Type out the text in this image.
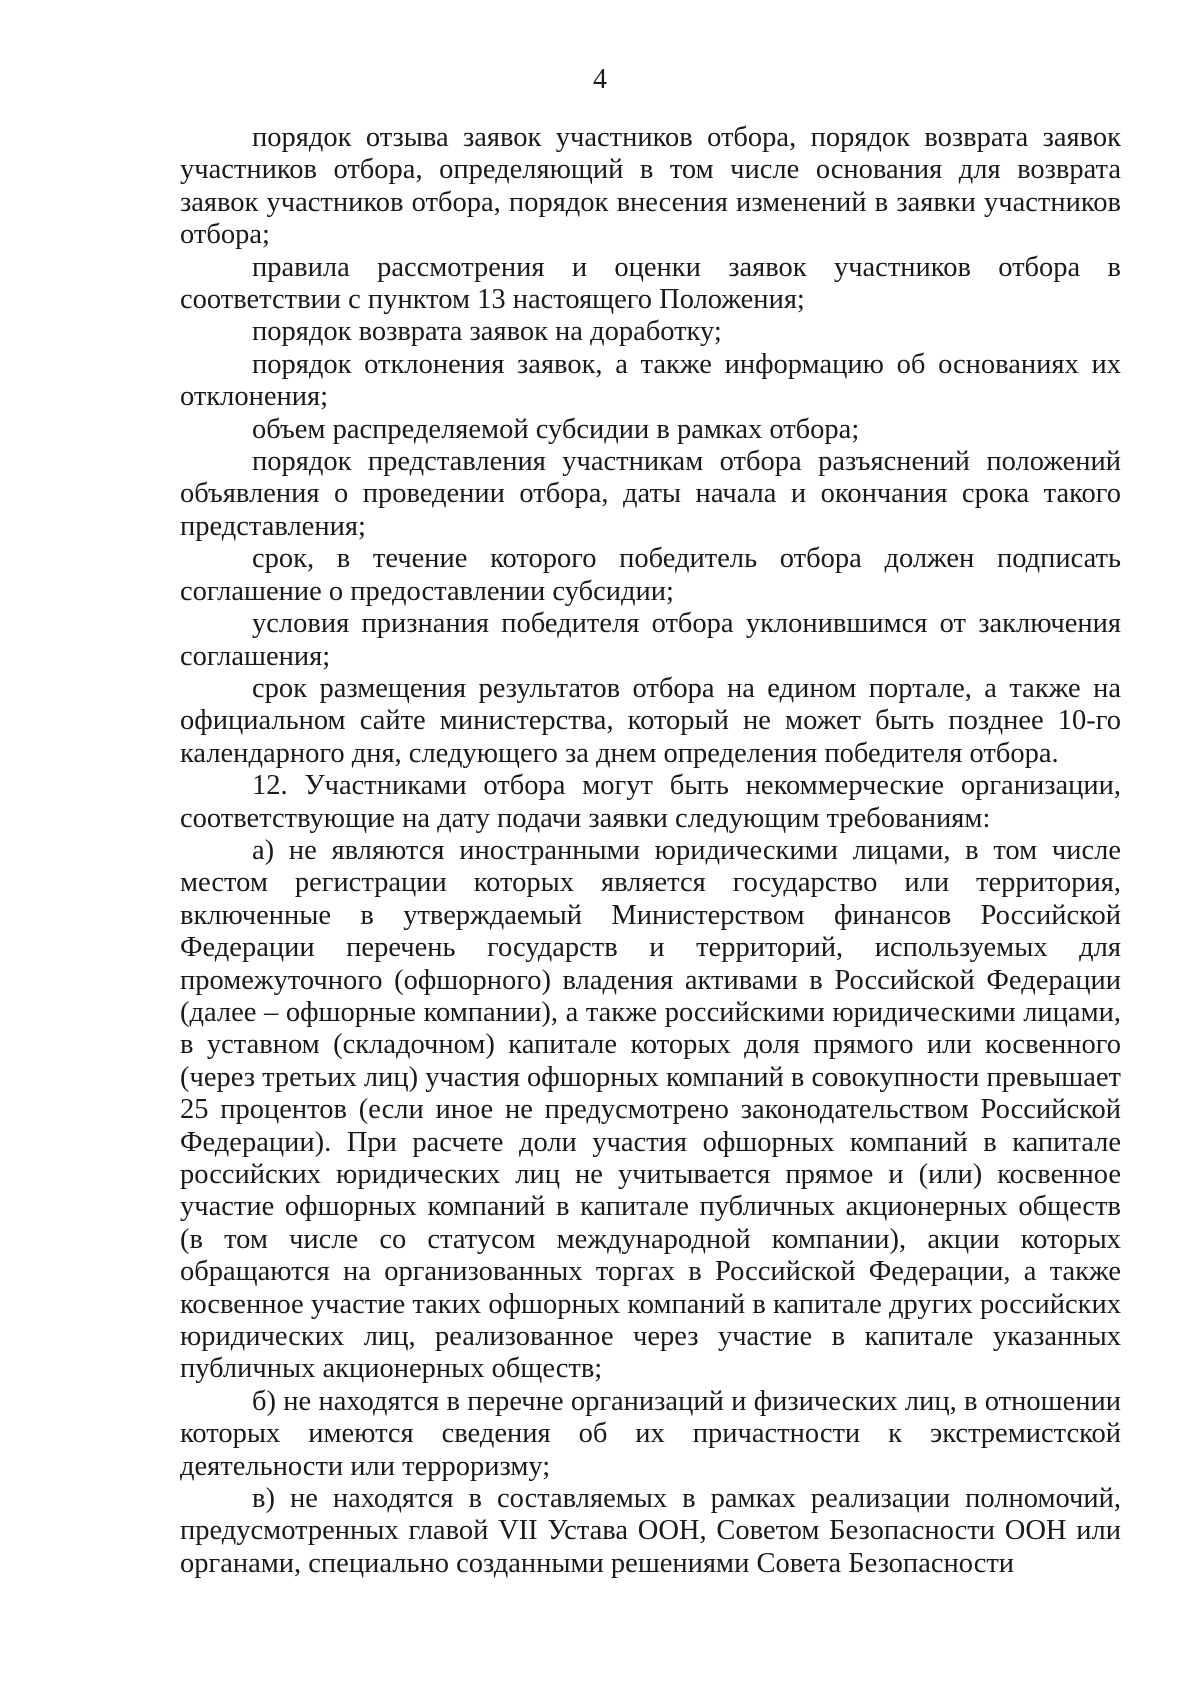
4

порядок отзыва заявок участников отбора, порядок возврата заявок участников отбора, определяющий в том числе основания для возврата заявок участников отбора, порядок внесения изменений в заявки участников отбора;

правила рассмотрения и оценки заявок участников отбора в соответствии с пунктом 13 настоящего Положения;

порядок возврата заявок на доработку;

порядок отклонения заявок, а также информацию об основаниях их отклонения;

объем распределяемой субсидии в рамках отбора;

порядок представления участникам отбора разъяснений положений объявления о проведении отбора, даты начала и окончания срока такого представления;

срок, в течение которого победитель отбора должен подписать соглашение о предоставлении субсидии;

условия признания победителя отбора уклонившимся от заключения соглашения;

срок размещения результатов отбора на едином портале, а также на официальном сайте министерства, который не может быть позднее 10-го календарного дня, следующего за днем определения победителя отбора.

12. Участниками отбора могут быть некоммерческие организации, соответствующие на дату подачи заявки следующим требованиям:

а) не являются иностранными юридическими лицами, в том числе местом регистрации которых является государство или территория, включенные в утверждаемый Министерством финансов Российской Федерации перечень государств и территорий, используемых для промежуточного (офшорного) владения активами в Российской Федерации (далее – офшорные компании), а также российскими юридическими лицами, в уставном (складочном) капитале которых доля прямого или косвенного (через третьих лиц) участия офшорных компаний в совокупности превышает 25 процентов (если иное не предусмотрено законодательством Российской Федерации). При расчете доли участия офшорных компаний в капитале российских юридических лиц не учитывается прямое и (или) косвенное участие офшорных компаний в капитале публичных акционерных обществ (в том числе со статусом международной компании), акции которых обращаются на организованных торгах в Российской Федерации, а также косвенное участие таких офшорных компаний в капитале других российских юридических лиц, реализованное через участие в капитале указанных публичных акционерных обществ;

б) не находятся в перечне организаций и физических лиц, в отношении которых имеются сведения об их причастности к экстремистской деятельности или терроризму;

в) не находятся в составляемых в рамках реализации полномочий, предусмотренных главой VII Устава ООН, Советом Безопасности ООН или органами, специально созданными решениями Совета Безопасности
